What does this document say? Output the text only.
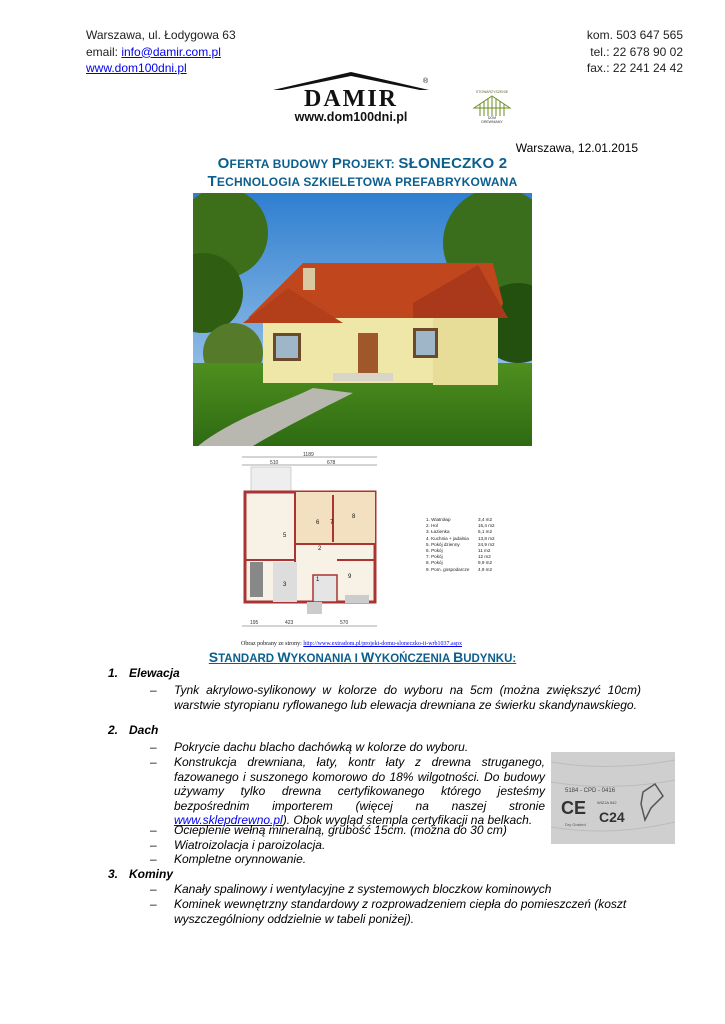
Warszawa, ul. Łodygowa 63
email: info@damir.com.pl
www.dom100dni.pl
kom. 503 647 565
tel.: 22 678 90 02
fax.: 22 241 24 42
DAMIR
®
www.dom100dni.pl
STOWARZYSZENIE
DOM
DREWNIANY
Warszawa, 12.01.2015
OFERTA BUDOWY PROJEKT: SŁONECZKO 2
TECHNOLOGIA SZKIELETOWA PREFABRYKOWANA
1189
510	678
195	423	570
5
6 7
8
2
3
1	9
1. Wiatrołap	3,4 m2
2. Hol	15,4 m2
3. Łazienka	5,1 m2
4. Kuchnia + jadalnia	13,8 m2
5. Pokój dzienny	24,9 m2
6. Pokój	11 m2
7. Pokój	12 m2
8. Pokój	9,9 m2
9. Pom. gospodarcze	4,9 m2
Obraz pobrany ze strony: http://www.extradom.pl/projekt-domu-sloneczko-ii-wrb1037.aspx
STANDARD WYKONANIA I WYKOŃCZENIA BUDYNKU:
1. Elewacja
– Tynk akrylowo-sylikonowy w kolorze do wyboru na 5cm (można zwiększyć 10cm) warstwie styropianu ryflowanego lub elewacja drewniana ze świerku skandynawskiego.
2. Dach
– Pokrycie dachu blacho dachówką w kolorze do wyboru.
– Konstrukcja drewniana, łaty, kontr łaty z drewna struganego, fazowanego i suszonego komorowo do 18% wilgotności. Do budowy używamy tylko drewna certyfikowanego którego jesteśmy bezpośrednim importerem (więcej na naszej stronie www.sklepdrewno.pl). Obok wygląd stempla certyfikacji na belkach.
– Ocieplenie wełną mineralną, grubość 15cm. (można do 30 cm)
– Wiatroizolacja i paroizolacja.
– Kompletne orynnowanie.
5184 - CPD - 0416
CE	WIZJA 542
C24
Dry Graded
3. Kominy
– Kanały spalinowy i wentylacyjne z systemowych bloczkow kominowych
– Kominek wewnętrzny standardowy z rozprowadzeniem ciepła do pomieszczeń (koszt wyszczególniony oddzielnie w tabeli poniżej).
